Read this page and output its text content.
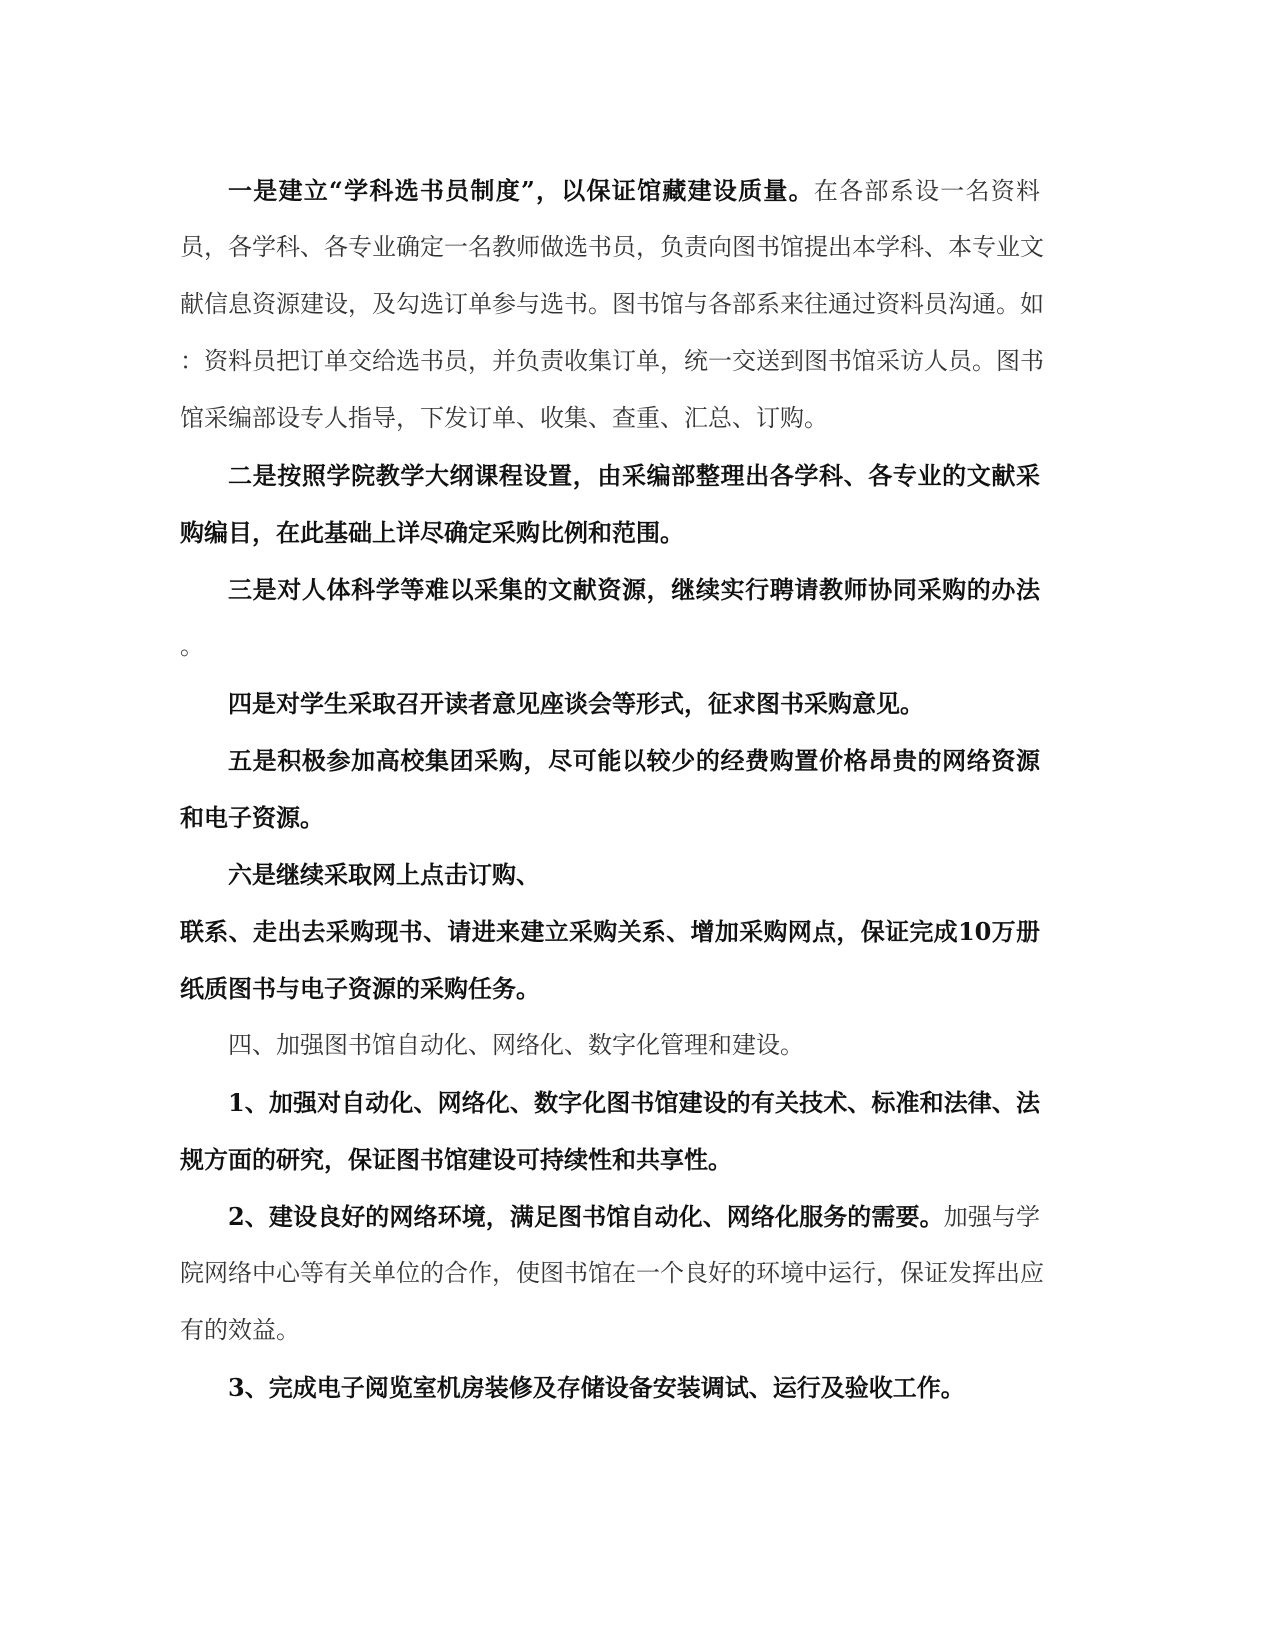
一是建立“学科选书员制度”，以保证馆藏建设质量。在各部系设一名资料
员，各学科、各专业确定一名教师做选书员，负责向图书馆提出本学科、本专业文
献信息资源建设，及勾选订单参与选书。图书馆与各部系来往通过资料员沟通。如
：资料员把订单交给选书员，并负责收集订单，统一交送到图书馆采访人员。图书
馆采编部设专人指导，下发订单、收集、查重、汇总、订购。
二是按照学院教学大纲课程设置，由采编部整理出各学科、各专业的文献采
购编目，在此基础上详尽确定采购比例和范围。
三是对人体科学等难以采集的文献资源，继续实行聘请教师协同采购的办法
。
四是对学生采取召开读者意见座谈会等形式，征求图书采购意见。
五是积极参加高校集团采购，尽可能以较少的经费购置价格昂贵的网络资源
和电子资源。
六是继续采取网上点击订购、
联系、走出去采购现书、请进来建立采购关系、增加采购网点，保证完成10万册
纸质图书与电子资源的采购任务。
四、加强图书馆自动化、网络化、数字化管理和建设。
1、加强对自动化、网络化、数字化图书馆建设的有关技术、标准和法律、法
规方面的研究，保证图书馆建设可持续性和共享性。
2、建设良好的网络环境，满足图书馆自动化、网络化服务的需要。加强与学
院网络中心等有关单位的合作，使图书馆在一个良好的环境中运行，保证发挥出应
有的效益。
3、完成电子阅览室机房装修及存储设备安装调试、运行及验收工作。
